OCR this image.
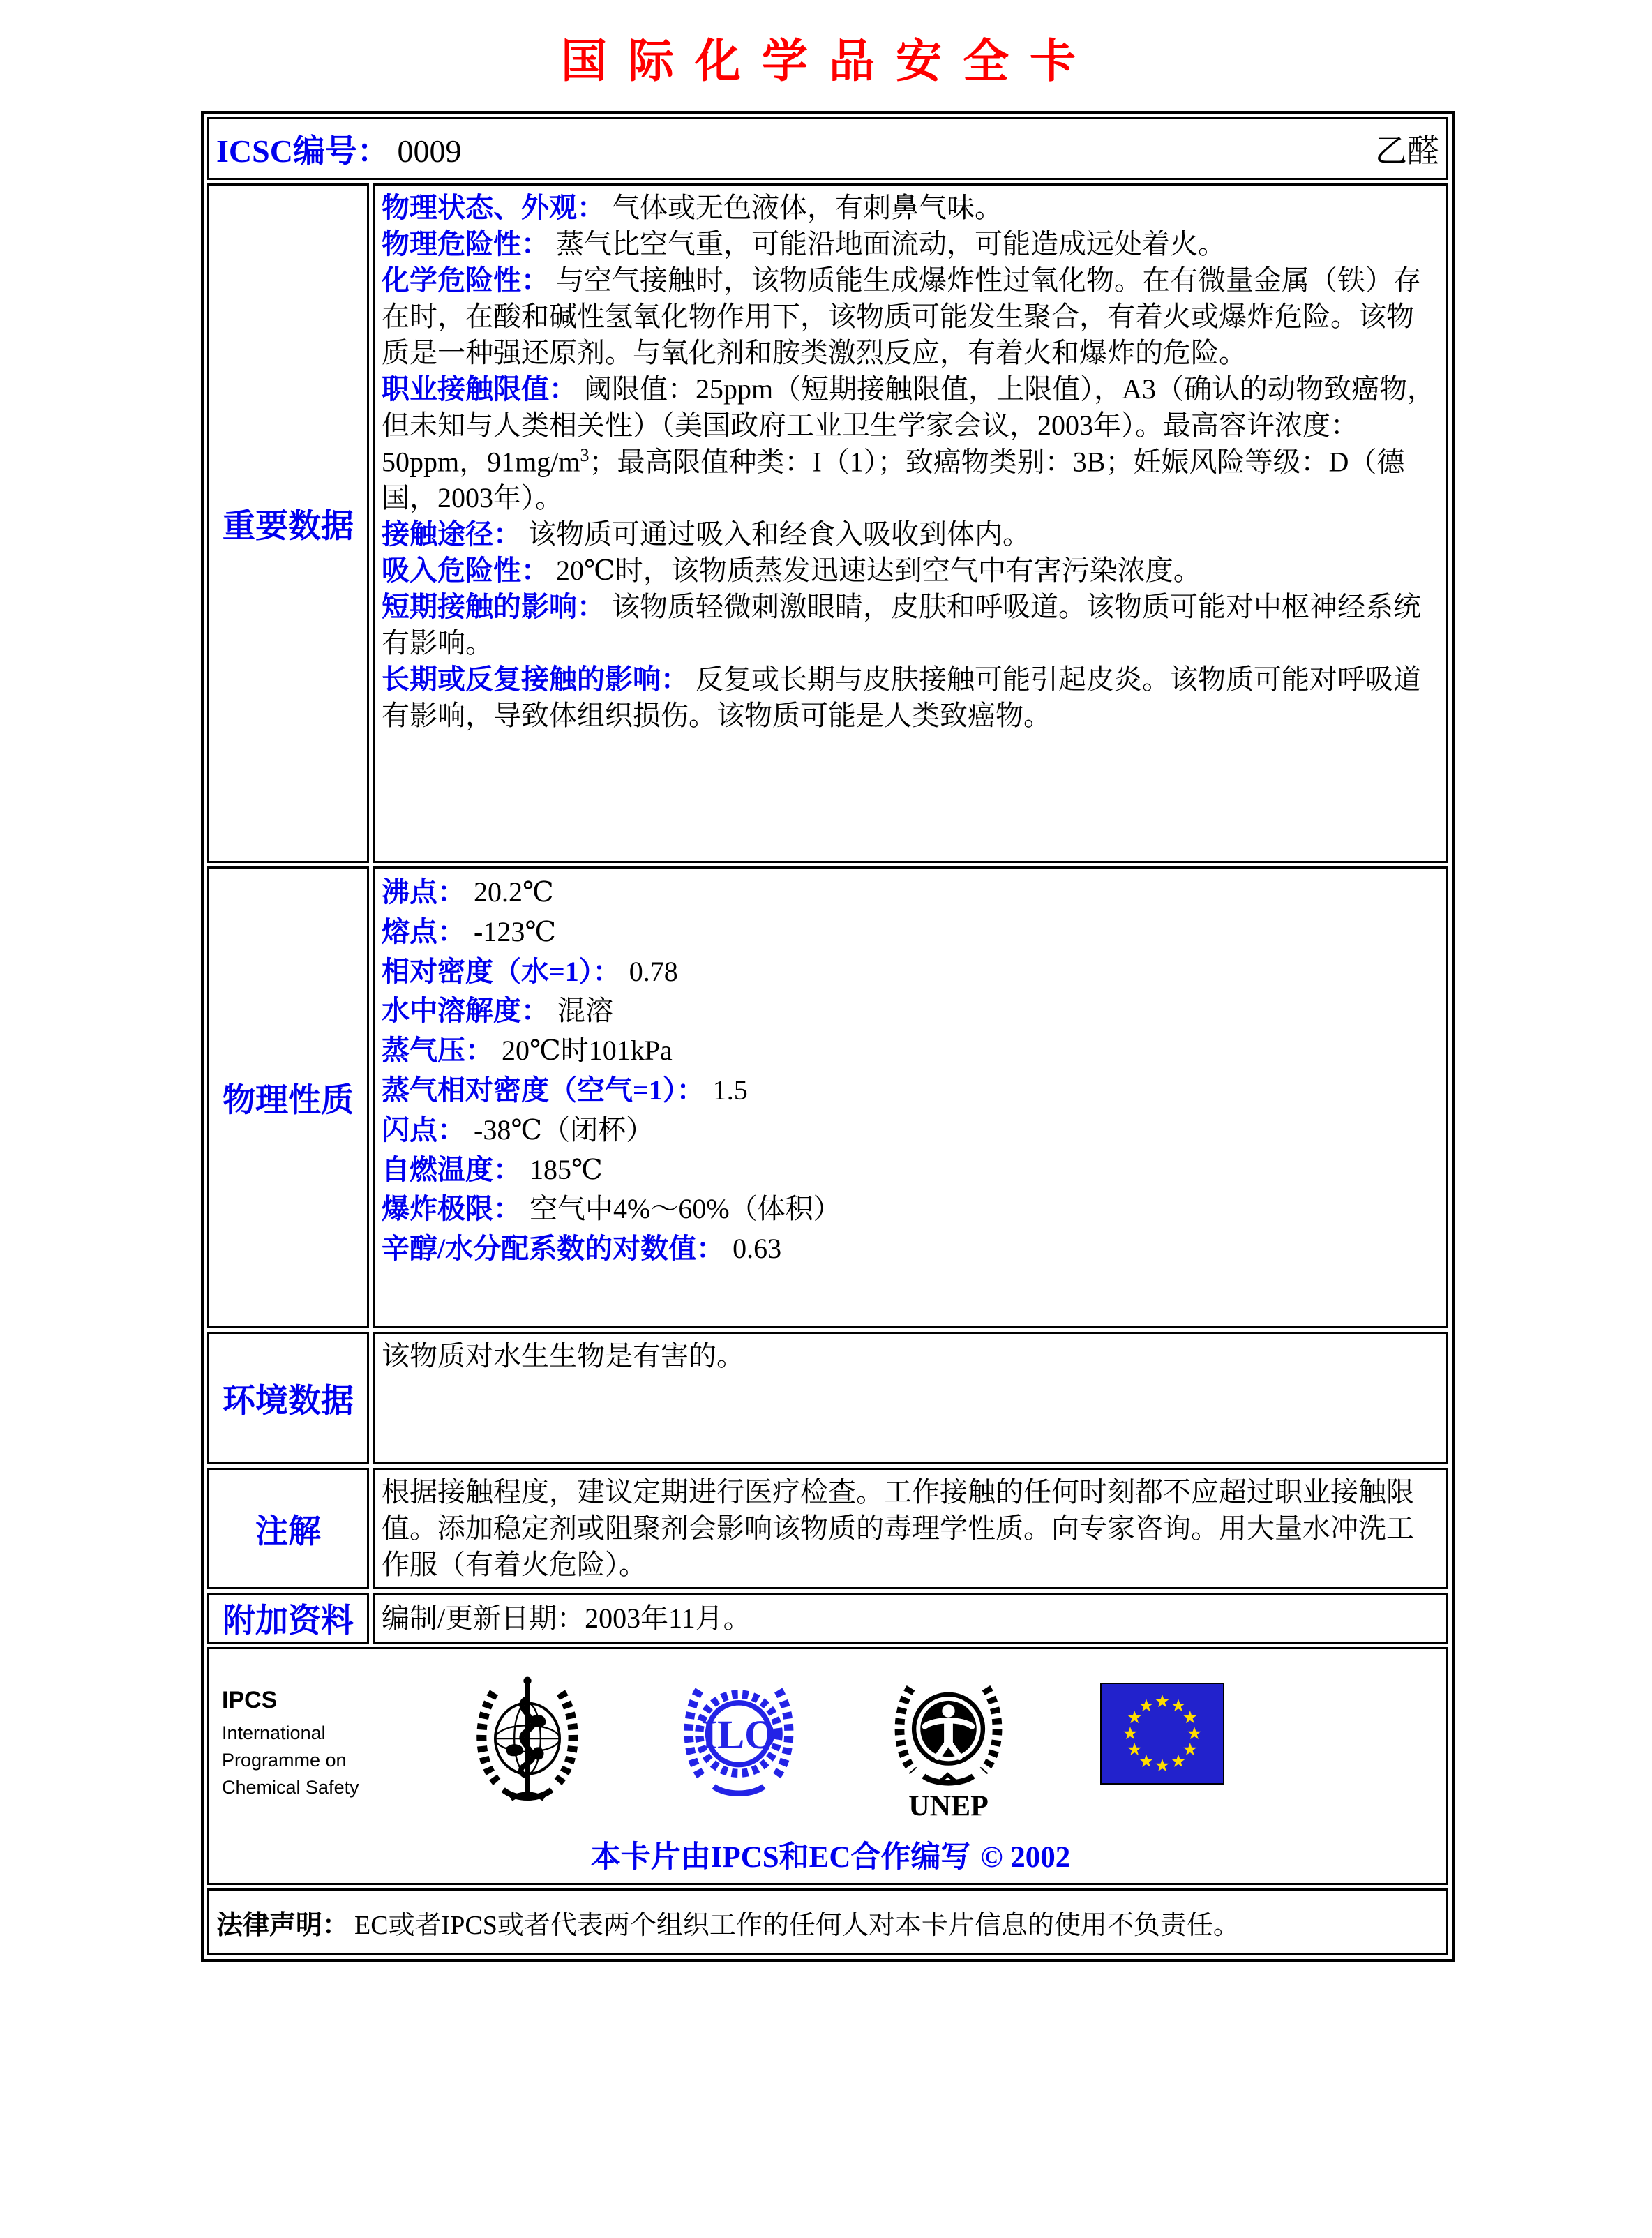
国际化学品安全卡
ICSC编号： 0009 乙醛	

重要数据	

物理状态、外观： 气体或无色液体，有刺鼻气味。

物理危险性： 蒸气比空气重，可能沿地面流动，可能造成远处着火。

化学危险性： 与空气接触时，该物质能生成爆炸性过氧化物。在有微量金属（铁）存在时，在酸和碱性氢氧化物作用下，该物质可能发生聚合，有着火或爆炸危险。该物质是一种强还原剂。与氧化剂和胺类激烈反应，有着火和爆炸的危险。

职业接触限值： 阈限值：25ppm（短期接触限值，上限值），A3（确认的动物致癌物，但未知与人类相关性）（美国政府工业卫生学家会议，2003年）。最高容许浓度：50ppm，$91mg/m^3$；最高限值种类：I（1）；致癌物类别：3B；妊娠风险等级：D（德国，2003年）。

接触途径： 该物质可通过吸入和经食入吸收到体内。

吸入危险性： 20℃时，该物质蒸发迅速达到空气中有害污染浓度。

短期接触的影响： 该物质轻微刺激眼睛，皮肤和呼吸道。该物质可能对中枢神经系统有影响。

长期或反复接触的影响： 反复或长期与皮肤接触可能引起皮炎。该物质可能对呼吸道有影响，导致体组织损伤。该物质可能是人类致癌物。

物理性质	
沸点： 20.2℃
熔点： -123℃
相对密度（水=1）： 0.78
水中溶解度： 混溶
蒸气压： 20℃时101kPa
蒸气相对密度（空气=1）： 1.5
闪点： -38℃（闭杯）
自燃温度： 185℃
爆炸极限： 空气中4%～60%（体积）
辛醇/水分配系数的对数值： 0.63

环境数据	该物质对水生生物是有害的。

注解	根据接触程度，建议定期进行医疗检查。工作接触的任何时刻都不应超过职业接触限值。添加稳定剂或阻聚剂会影响该物质的毒理学性质。向专家咨询。用大量水冲洗工作服（有着火危险）。

附加资料	编制/更新日期：2003年11月。

IPCS
International
Programme on
Chemical Safety
ILO
UNEP
本卡片由IPCS和EC合作编写 © 2002

法律声明： EC或者IPCS或者代表两个组织工作的任何人对本卡片信息的使用不负责任。	
